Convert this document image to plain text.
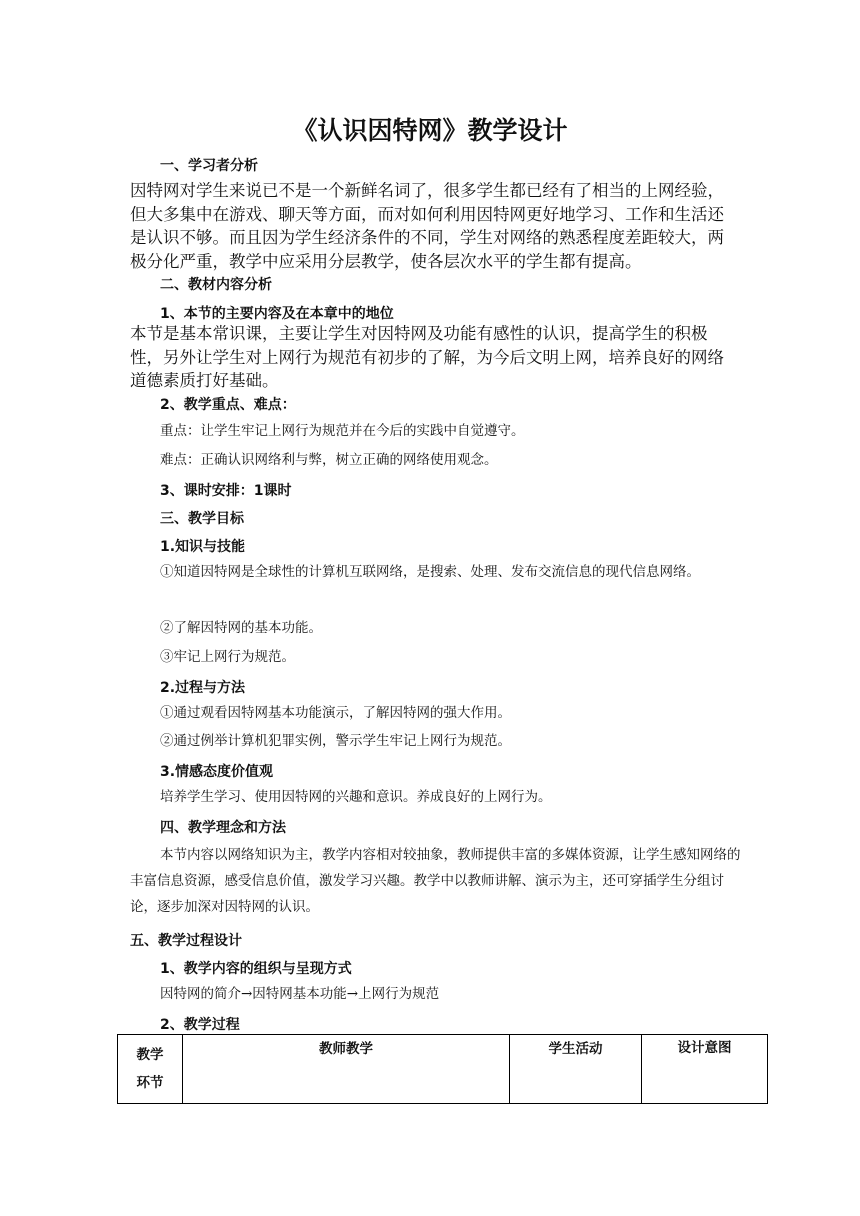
《认识因特网》教学设计
一、学习者分析
因特网对学生来说已不是一个新鲜名词了，很多学生都已经有了相当的上网经验，但大多集中在游戏、聊天等方面，而对如何利用因特网更好地学习、工作和生活还是认识不够。而且因为学生经济条件的不同，学生对网络的熟悉程度差距较大，两极分化严重，教学中应采用分层教学，使各层次水平的学生都有提高。
二、教材内容分析
1、本节的主要内容及在本章中的地位
本节是基本常识课，主要让学生对因特网及功能有感性的认识，提高学生的积极性，另外让学生对上网行为规范有初步的了解，为今后文明上网，培养良好的网络道德素质打好基础。
2、教学重点、难点：
重点：让学生牢记上网行为规范并在今后的实践中自觉遵守。
难点：正确认识网络利与弊，树立正确的网络使用观念。
3、课时安排：1课时
三、教学目标
1.知识与技能
①知道因特网是全球性的计算机互联网络，是搜索、处理、发布交流信息的现代信息网络。
②了解因特网的基本功能。
③牢记上网行为规范。
2.过程与方法
①通过观看因特网基本功能演示，了解因特网的强大作用。
②通过例举计算机犯罪实例，警示学生牢记上网行为规范。
3.情感态度价值观
培养学生学习、使用因特网的兴趣和意识。养成良好的上网行为。
四、教学理念和方法
本节内容以网络知识为主，教学内容相对较抽象，教师提供丰富的多媒体资源，让学生感知网络的丰富信息资源，感受信息价值，激发学习兴趣。教学中以教师讲解、演示为主，还可穿插学生分组讨论，逐步加深对因特网的认识。
五、教学过程设计
1、教学内容的组织与呈现方式
因特网的简介→因特网基本功能→上网行为规范
2、教学过程
教学环节	教师教学	学生活动	设计意图
